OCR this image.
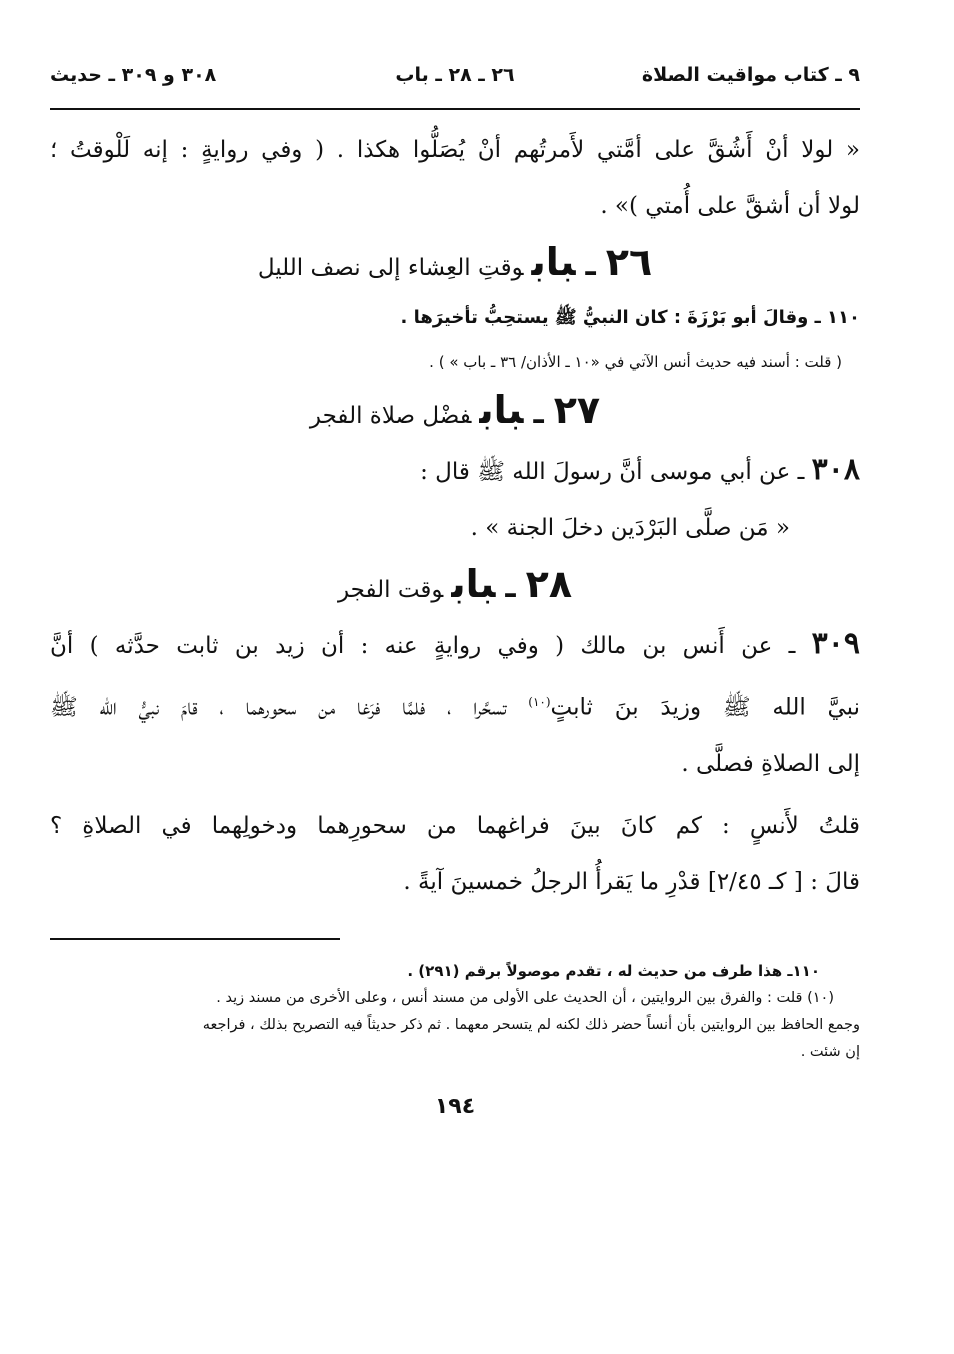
٩ ـ كتاب مواقيت الصلاة
٢٦ ـ ٢٨ ـ باب
٣٠٨ و ٣٠٩ ـ حديث
« لولا أنْ أَشُقَّ على أمَّتي لأَمرتُهم أنْ يُصَلُّوا هكذا . ( وفي روايةٍ : إنه لَلْوقتُ ؛
لولا أن أشقَّ على أُمتي )» .
٢٦ـبابوقتِ العِشاء إلى نصف الليل
١١٠ ـ وقالَ أبو بَرْزَةَ : كان النبيُّ ﷺ يستحِبُّ تأخيرَها .
( قلت : أسند فيه حديث أنس الآتي في «١٠ ـ الأذان/ ٣٦ ـ باب » ) .
٢٧ـبابفضْل صلاة الفجر
٣٠٨ ـ عن أبي موسى أنَّ رسولَ الله ﷺ قال :
« مَن صلَّى البَرْدَين دخلَ الجنة » .
٢٨ـبابوقت الفجر
٣٠٩ ـ عن أَنس بن مالك ( وفي روايةٍ عنه : أن زيد بن ثابت حدَّثه ) أنَّ
نبيَّ الله ﷺ وزيدَ بنَ ثابتٍ$^{(١٠)}$ تسحَّرا ، فلمَّا فرَغا من سحورهما ، قامَ نبيُّ الله ﷺ
إلى الصلاةِ فصلَّى .
قلتُ لأَنسٍ : كم كانَ بينَ فراغهما من سحورِهما ودخولِهما في الصلاةِ ؟
قالَ : [ كـ ٢/٤٥] قدْرِ ما يَقرأُ الرجلُ خمسينَ آيةً .
١١٠ـ هذا طرف من حديث له ، تقدم موصولاً برقم (٢٩١) .
(١٠) قلت : والفرق بين الروايتين ، أن الحديث على الأولى من مسند أنس ، وعلى الأخرى من مسند زيد .
وجمع الحافظ بين الروايتين بأن أنساً حضر ذلك لكنه لم يتسحر معهما . ثم ذكر حديثاً فيه التصريح بذلك ، فراجعه
إن شئت .
١٩٤
